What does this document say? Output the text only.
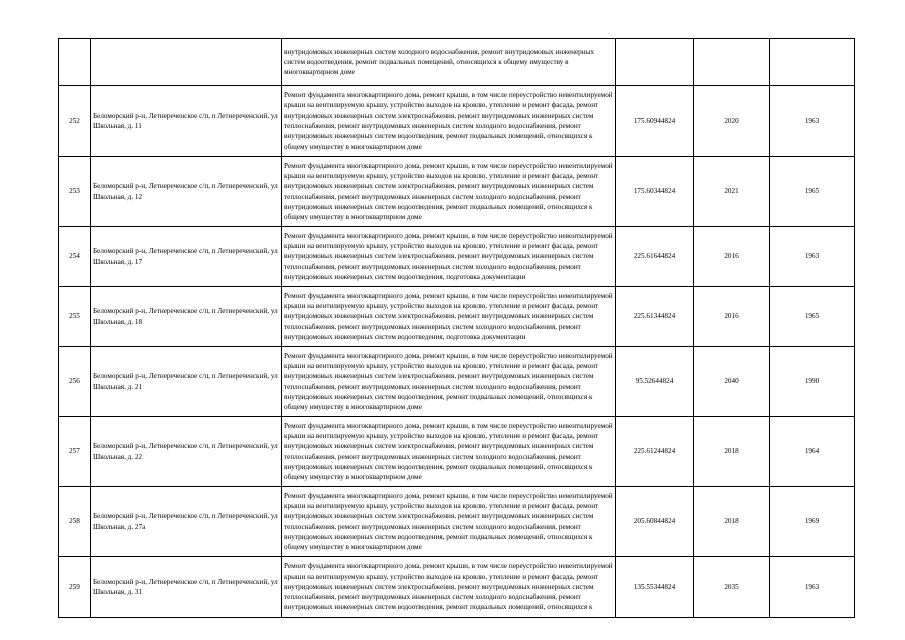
		внутридомовых инженерных систем холодного водоснабжения, ремонт внутридомовых инженерных систем водоотведения, ремонт подвальных помещений, относящихся к общему имуществу в многоквартирном доме			

252	Беломорский р-н, Летнереченское с/п, п Летнереченский, ул Школьная, д. 11	Ремонт фундамента многоквартирного дома, ремонт крыши, в том числе переустройство невентилируемой крыши на вентилируемую крышу, устройство выходов на кровлю, утепление и ремонт фасада, ремонт внутридомовых инженерных систем электроснабжения, ремонт внутридомовых инженерных систем теплоснабжения, ремонт внутридомовых инженерных систем холодного водоснабжения, ремонт внутридомовых инженерных систем водоотведения, ремонт подвальных помещений, относящихся к общему имуществу в многоквартирном доме	175.60944824	2020	1963
253	Беломорский р-н, Летнереченское с/п, п Летнереченский, ул Школьная, д. 12	Ремонт фундамента многоквартирного дома, ремонт крыши, в том числе переустройство невентилируемой крыши на вентилируемую крышу, устройство выходов на кровлю, утепление и ремонт фасада, ремонт внутридомовых инженерных систем электроснабжения, ремонт внутридомовых инженерных систем теплоснабжения, ремонт внутридомовых инженерных систем холодного водоснабжения, ремонт внутридомовых инженерных систем водоотведения, ремонт подвальных помещений, относящихся к общему имуществу в многоквартирном доме	175.60344824	2021	1965
254	Беломорский р-н, Летнереченское с/п, п Летнереченский, ул Школьная, д. 17	Ремонт фундамента многоквартирного дома, ремонт крыши, в том числе переустройство невентилируемой крыши на вентилируемую крышу, устройство выходов на кровлю, утепление и ремонт фасада, ремонт внутридомовых инженерных систем электроснабжения, ремонт внутридомовых инженерных систем теплоснабжения, ремонт внутридомовых инженерных систем холодного водоснабжения, ремонт внутридомовых инженерных систем водоотведения, подготовка документации	225.61644824	2016	1963
255	Беломорский р-н, Летнереченское с/п, п Летнереченский, ул Школьная, д. 18	Ремонт фундамента многоквартирного дома, ремонт крыши, в том числе переустройство невентилируемой крыши на вентилируемую крышу, устройство выходов на кровлю, утепление и ремонт фасада, ремонт внутридомовых инженерных систем электроснабжения, ремонт внутридомовых инженерных систем теплоснабжения, ремонт внутридомовых инженерных систем холодного водоснабжения, ремонт внутридомовых инженерных систем водоотведения, подготовка документации	225.61344824	2016	1965
256	Беломорский р-н, Летнереченское с/п, п Летнереченский, ул Школьная, д. 21	Ремонт фундамента многоквартирного дома, ремонт крыши, в том числе переустройство невентилируемой крыши на вентилируемую крышу, устройство выходов на кровлю, утепление и ремонт фасада, ремонт внутридомовых инженерных систем электроснабжения, ремонт внутридомовых инженерных систем теплоснабжения, ремонт внутридомовых инженерных систем холодного водоснабжения, ремонт внутридомовых инженерных систем водоотведения, ремонт подвальных помещений, относящихся к общему имуществу в многоквартирном доме	95.52644824	2040	1990
257	Беломорский р-н, Летнереченское с/п, п Летнереченский, ул Школьная, д. 22	Ремонт фундамента многоквартирного дома, ремонт крыши, в том числе переустройство невентилируемой крыши на вентилируемую крышу, устройство выходов на кровлю, утепление и ремонт фасада, ремонт внутридомовых инженерных систем электроснабжения, ремонт внутридомовых инженерных систем теплоснабжения, ремонт внутридомовых инженерных систем холодного водоснабжения, ремонт внутридомовых инженерных систем водоотведения, ремонт подвальных помещений, относящихся к общему имуществу в многоквартирном доме	225.61244824	2018	1964
258	Беломорский р-н, Летнереченское с/п, п Летнереченский, ул Школьная, д. 27а	Ремонт фундамента многоквартирного дома, ремонт крыши, в том числе переустройство невентилируемой крыши на вентилируемую крышу, устройство выходов на кровлю, утепление и ремонт фасада, ремонт внутридомовых инженерных систем электроснабжения, ремонт внутридомовых инженерных систем теплоснабжения, ремонт внутридомовых инженерных систем холодного водоснабжения, ремонт внутридомовых инженерных систем водоотведения, ремонт подвальных помещений, относящихся к общему имуществу в многоквартирном доме	205.60844824	2018	1969
259	Беломорский р-н, Летнереченское с/п, п Летнереченский, ул Школьная, д. 31	Ремонт фундамента многоквартирного дома, ремонт крыши, в том числе переустройство невентилируемой крыши на вентилируемую крышу, устройство выходов на кровлю, утепление и ремонт фасада, ремонт внутридомовых инженерных систем электроснабжения, ремонт внутридомовых инженерных систем теплоснабжения, ремонт внутридомовых инженерных систем холодного водоснабжения, ремонт внутридомовых инженерных систем водоотведения, ремонт подвальных помещений, относящихся к	135.55344824	2035	1963
